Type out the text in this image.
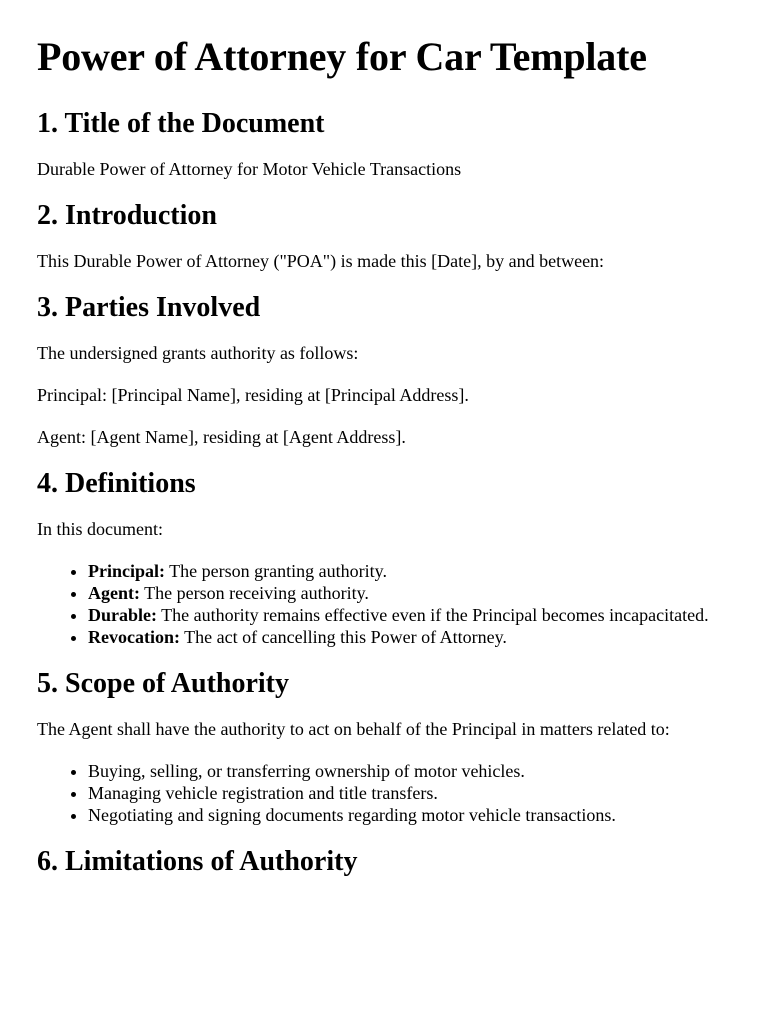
Power of Attorney for Car Template
1. Title of the Document

Durable Power of Attorney for Motor Vehicle Transactions

2. Introduction

This Durable Power of Attorney ("POA") is made this [Date], by and between:

3. Parties Involved

The undersigned grants authority as follows:

Principal: [Principal Name], residing at [Principal Address].

Agent: [Agent Name], residing at [Agent Address].

4. Definitions

In this document:

• Principal: The person granting authority.
• Agent: The person receiving authority.
• Durable: The authority remains effective even if the Principal becomes incapacitated.
• Revocation: The act of cancelling this Power of Attorney.
5. Scope of Authority

The Agent shall have the authority to act on behalf of the Principal in matters related to:

• Buying, selling, or transferring ownership of motor vehicles.
• Managing vehicle registration and title transfers.
• Negotiating and signing documents regarding motor vehicle transactions.
6. Limitations of Authority
